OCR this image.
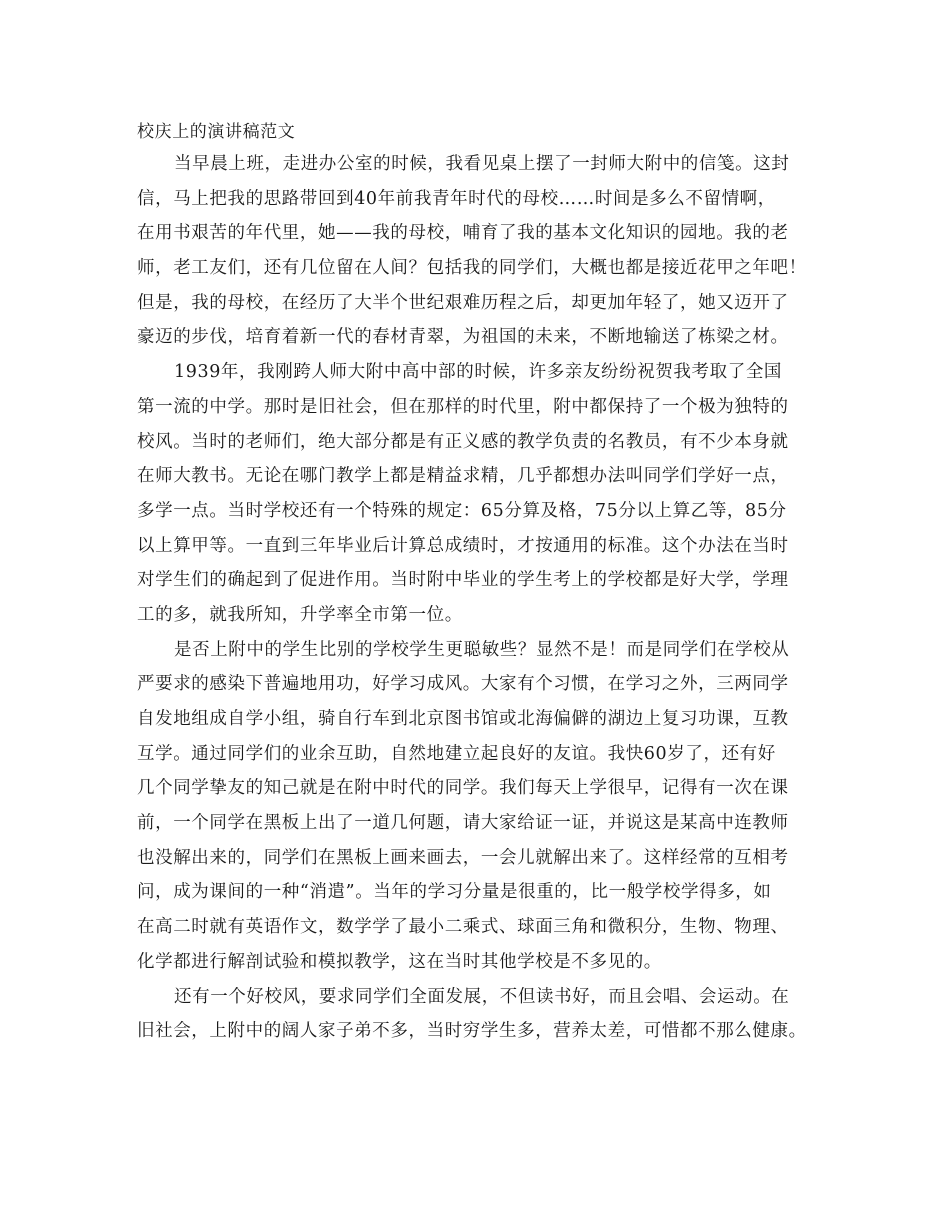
校庆上的演讲稿范文

当早晨上班，走进办公室的时候，我看见桌上摆了一封师大附中的信笺。这封
信，马上把我的思路带回到40年前我青年时代的母校……时间是多么不留情啊，
在用书艰苦的年代里，她——我的母校，哺育了我的基本文化知识的园地。我的老
师，老工友们，还有几位留在人间？包括我的同学们，大概也都是接近花甲之年吧！
但是，我的母校，在经历了大半个世纪艰难历程之后，却更加年轻了，她又迈开了
豪迈的步伐，培育着新一代的春材青翠，为祖国的未来，不断地输送了栋梁之材。

1939年，我刚跨人师大附中高中部的时候，许多亲友纷纷祝贺我考取了全国
第一流的中学。那时是旧社会，但在那样的时代里，附中都保持了一个极为独特的
校风。当时的老师们，绝大部分都是有正义感的教学负责的名教员，有不少本身就
在师大教书。无论在哪门教学上都是精益求精，几乎都想办法叫同学们学好一点，
多学一点。当时学校还有一个特殊的规定：65分算及格，75分以上算乙等，85分
以上算甲等。一直到三年毕业后计算总成绩时，才按通用的标准。这个办法在当时
对学生们的确起到了促进作用。当时附中毕业的学生考上的学校都是好大学，学理
工的多，就我所知，升学率全市第一位。

是否上附中的学生比别的学校学生更聪敏些？显然不是！而是同学们在学校从
严要求的感染下普遍地用功，好学习成风。大家有个习惯，在学习之外，三两同学
自发地组成自学小组，骑自行车到北京图书馆或北海偏僻的湖边上复习功课，互教
互学。通过同学们的业余互助，自然地建立起良好的友谊。我快60岁了，还有好
几个同学挚友的知己就是在附中时代的同学。我们每天上学很早，记得有一次在课
前，一个同学在黑板上出了一道几何题，请大家给证一证，并说这是某高中连教师
也没解出来的，同学们在黑板上画来画去，一会儿就解出来了。这样经常的互相考
问，成为课间的一种“消遣”。当年的学习分量是很重的，比一般学校学得多，如
在高二时就有英语作文，数学学了最小二乘式、球面三角和微积分，生物、物理、
化学都进行解剖试验和模拟教学，这在当时其他学校是不多见的。

还有一个好校风，要求同学们全面发展，不但读书好，而且会唱、会运动。在
旧社会，上附中的阔人家子弟不多，当时穷学生多，营养太差，可惜都不那么健康。
